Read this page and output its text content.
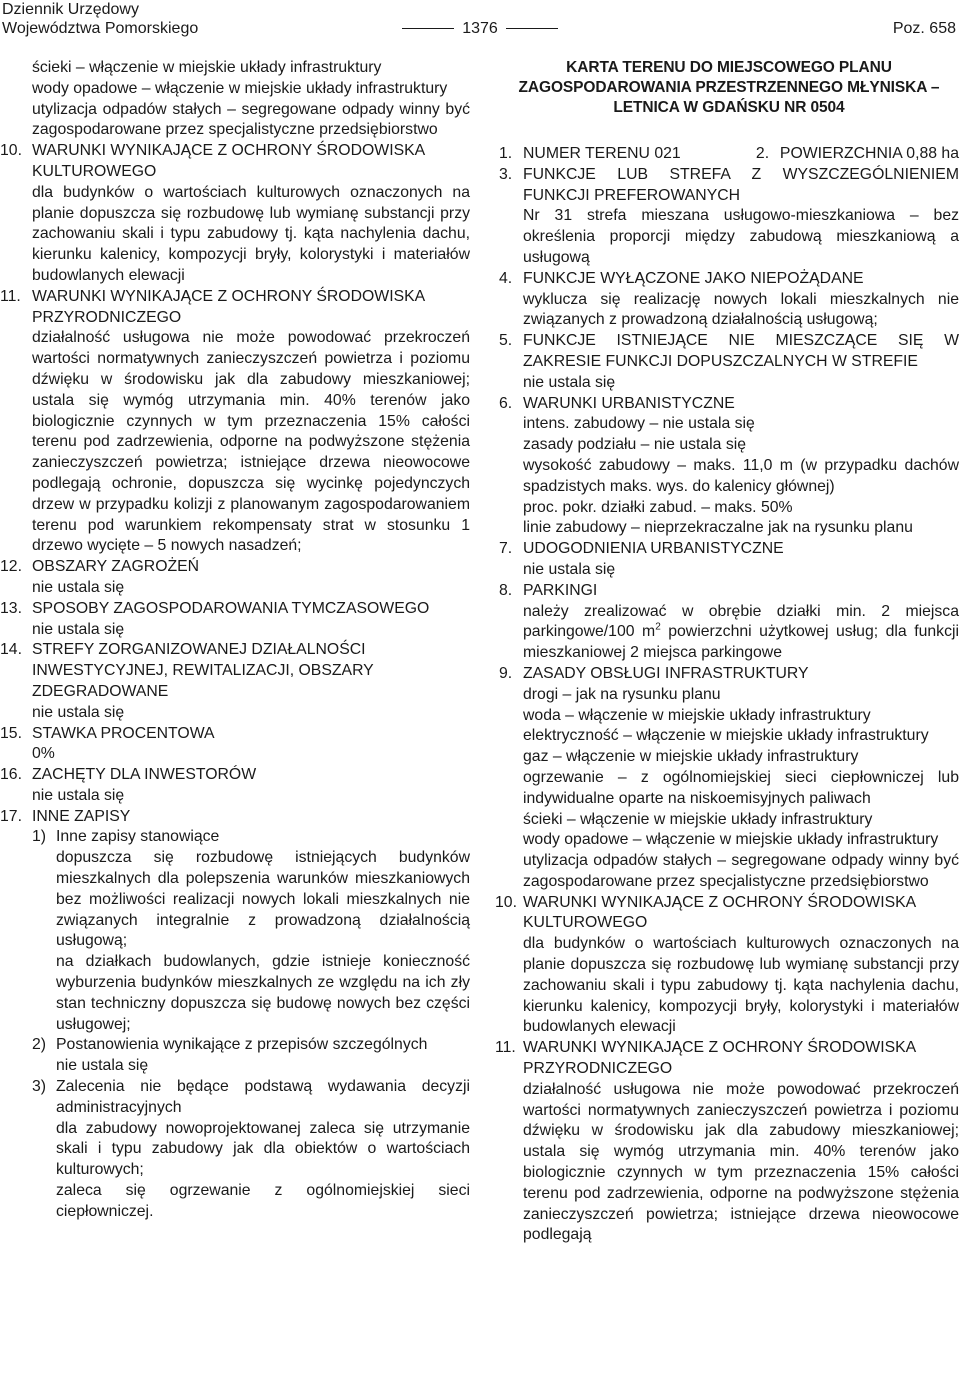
Dziennik Urzędowy
Województwa Pomorskiego	1376	Poz. 658
ścieki – włączenie w miejskie układy infrastruktury
wody opadowe – włączenie w miejskie układy infrastruktury
utylizacja odpadów stałych – segregowane odpady winny być zagospodarowane przez specjalistyczne przedsiębiorstwo
10. WARUNKI WYNIKAJĄCE Z OCHRONY ŚRODOWISKA KULTUROWEGO
dla budynków o wartościach kulturowych oznaczonych na planie dopuszcza się rozbudowę lub wymianę substancji przy zachowaniu skali i typu zabudowy tj. kąta nachylenia dachu, kierunku kalenicy, kompozycji bryły, kolorystyki i materiałów budowlanych elewacji
11. WARUNKI WYNIKAJĄCE Z OCHRONY ŚRODOWISKA PRZYRODNICZEGO
działalność usługowa nie może powodować przekroczeń wartości normatywnych zanieczyszczeń powietrza i poziomu dźwięku w środowisku jak dla zabudowy mieszkaniowej; ustala się wymóg utrzymania min. 40% terenów jako biologicznie czynnych w tym przeznaczenia 15% całości terenu pod zadrzewienia, odporne na podwyższone stężenia zanieczyszczeń powietrza; istniejące drzewa nieowocowe podlegają ochronie, dopuszcza się wycinkę pojedynczych drzew w przypadku kolizji z planowanym zagospodarowaniem terenu pod warunkiem rekompensaty strat w stosunku 1 drzewo wycięte – 5 nowych nasadzeń;
12. OBSZARY ZAGROŻEŃ
nie ustala się
13. SPOSOBY ZAGOSPODAROWANIA TYMCZASOWEGO
nie ustala się
14. STREFY ZORGANIZOWANEJ DZIAŁALNOŚCI INWESTYCYJNEJ, REWITALIZACJI, OBSZARY ZDEGRADOWANE
nie ustala się
15. STAWKA PROCENTOWA
0%
16. ZACHĘTY DLA INWESTORÓW
nie ustala się
17. INNE ZAPISY
1) Inne zapisy stanowiące
dopuszcza się rozbudowę istniejących budynków mieszkalnych dla polepszenia warunków mieszkaniowych bez możliwości realizacji nowych lokali mieszkalnych nie związanych integralnie z prowadzoną działalnością usługową;
na działkach budowlanych, gdzie istnieje konieczność wyburzenia budynków mieszkalnych ze względu na ich zły stan techniczny dopuszcza się budowę nowych bez części usługowej;
2) Postanowienia wynikające z przepisów szczególnych
nie ustala się
3) Zalecenia nie będące podstawą wydawania decyzji administracyjnych
dla zabudowy nowoprojektowanej zaleca się utrzymanie skali i typu zabudowy jak dla obiektów o wartościach kulturowych;
zaleca się ogrzewanie z ogólnomiejskiej sieci ciepłowniczej.
KARTA TERENU DO MIEJSCOWEGO PLANU ZAGOSPODAROWANIA PRZESTRZENNEGO MŁYNISKA – LETNICA W GDAŃSKU NR 0504
1. NUMER TERENU 021	2. POWIERZCHNIA 0,88 ha
3. FUNKCJE LUB STREFA Z WYSZCZEGÓLNIENIEM FUNKCJI PREFEROWANYCH
Nr 31 strefa mieszana usługowo-mieszkaniowa – bez określenia proporcji między zabudową mieszkaniową a usługową
4. FUNKCJE WYŁĄCZONE JAKO NIEPOŻĄDANE
wyklucza się realizację nowych lokali mieszkalnych nie związanych z prowadzoną działalnością usługową;
5. FUNKCJE ISTNIEJĄCE NIE MIESZCZĄCE SIĘ W ZAKRESIE FUNKCJI DOPUSZCZALNYCH W STREFIE
nie ustala się
6. WARUNKI URBANISTYCZNE
intens. zabudowy – nie ustala się
zasady podziału – nie ustala się
wysokość zabudowy – maks. 11,0 m (w przypadku dachów spadzistych maks. wys. do kalenicy głównej)
proc. pokr. działki zabud. – maks. 50%
linie zabudowy – nieprzekraczalne jak na rysunku planu
7. UDOGODNIENIA URBANISTYCZNE
nie ustala się
8. PARKINGI
należy zrealizować w obrębie działki min. 2 miejsca parkingowe/100 $m^2$ powierzchni użytkowej usług; dla funkcji mieszkaniowej 2 miejsca parkingowe
9. ZASADY OBSŁUGI INFRASTRUKTURY
drogi – jak na rysunku planu
woda – włączenie w miejskie układy infrastruktury
elektryczność – włączenie w miejskie układy infrastruktury
gaz – włączenie w miejskie układy infrastruktury
ogrzewanie – z ogólnomiejskiej sieci ciepłowniczej lub indywidualne oparte na niskoemisyjnych paliwach
ścieki – włączenie w miejskie układy infrastruktury
wody opadowe – włączenie w miejskie układy infrastruktury
utylizacja odpadów stałych – segregowane odpady winny być zagospodarowane przez specjalistyczne przedsiębiorstwo
10. WARUNKI WYNIKAJĄCE Z OCHRONY ŚRODOWISKA KULTUROWEGO
dla budynków o wartościach kulturowych oznaczonych na planie dopuszcza się rozbudowę lub wymianę substancji przy zachowaniu skali i typu zabudowy tj. kąta nachylenia dachu, kierunku kalenicy, kompozycji bryły, kolorystyki i materiałów budowlanych elewacji
11. WARUNKI WYNIKAJĄCE Z OCHRONY ŚRODOWISKA PRZYRODNICZEGO
działalność usługowa nie może powodować przekroczeń wartości normatywnych zanieczyszczeń powietrza i poziomu dźwięku w środowisku jak dla zabudowy mieszkaniowej; ustala się wymóg utrzymania min. 40% terenów jako biologicznie czynnych w tym przeznaczenia 15% całości terenu pod zadrzewienia, odporne na podwyższone stężenia zanieczyszczeń powietrza; istniejące drzewa nieowocowe podlegają
